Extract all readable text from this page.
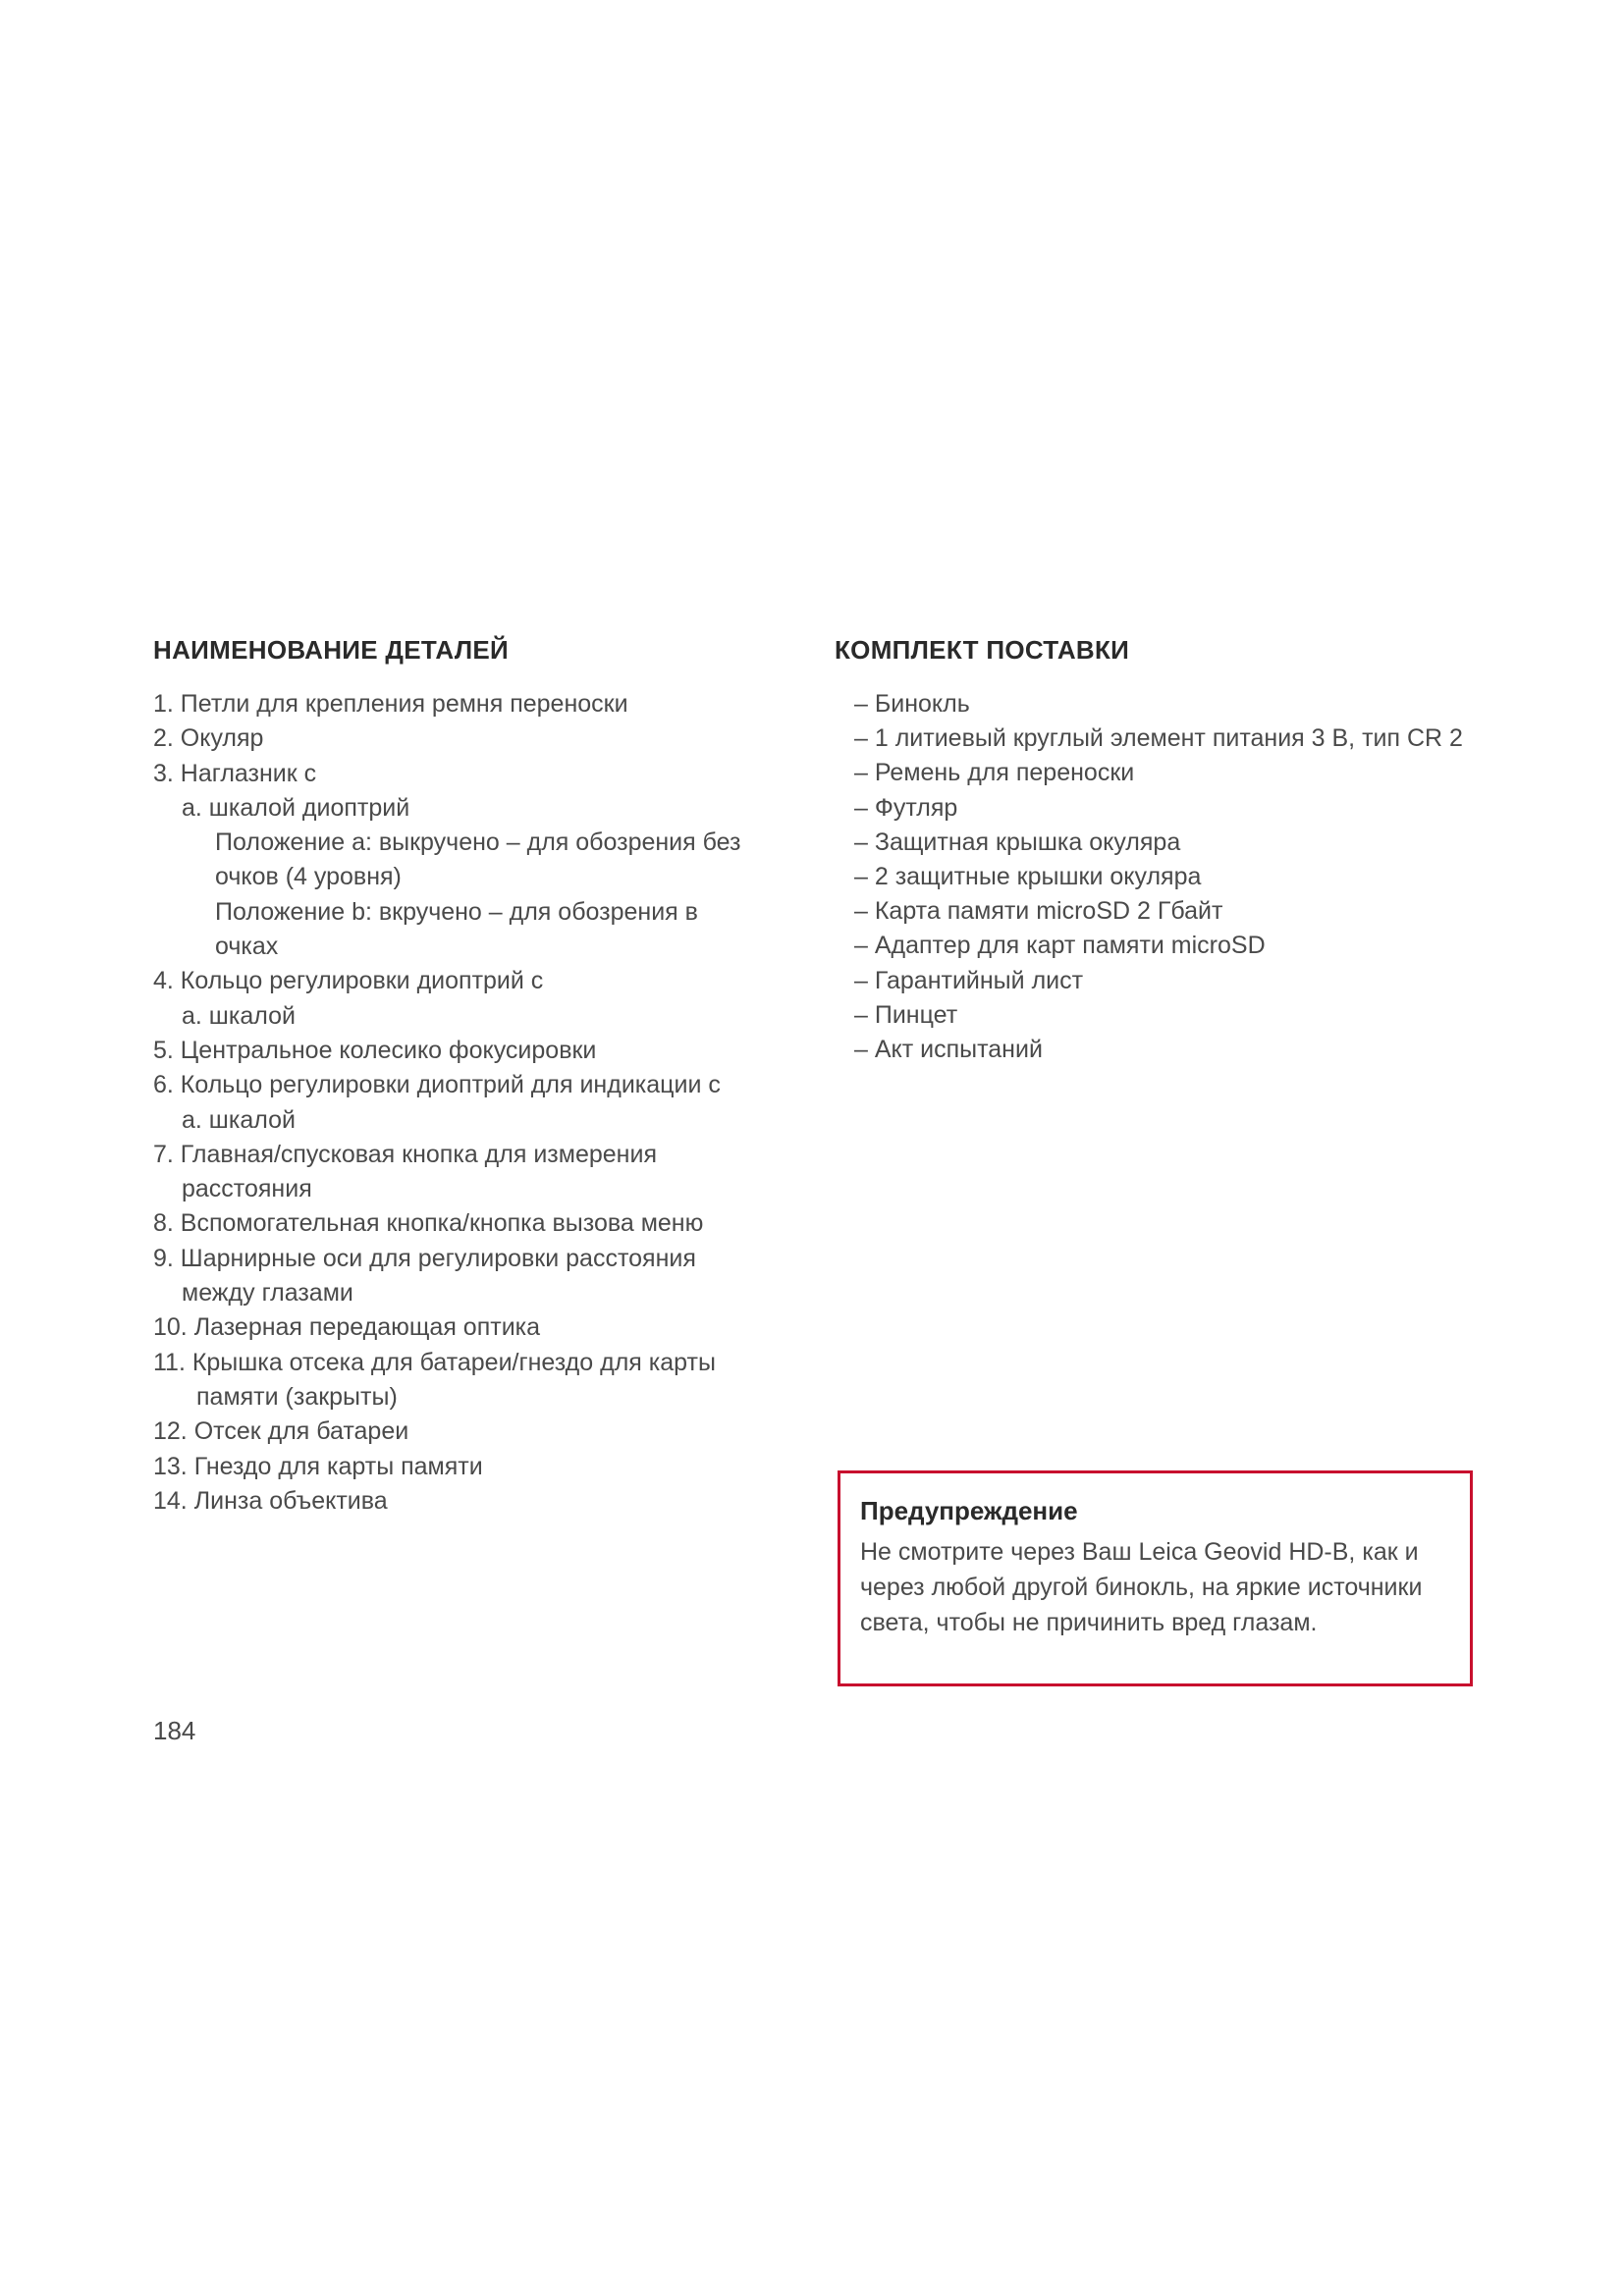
НАИМЕНОВАНИЕ ДЕТАЛЕЙ
1. Петли для крепления ремня переноски
2. Окуляр
3. Наглазник с
a. шкалой диоптрий
Положение a: выкручено – для обозрения без
очков (4 уровня)
Положение b: вкручено – для обозрения в
очках
4. Кольцо регулировки диоптрий с
a. шкалой
5. Центральное колесико фокусировки
6. Кольцо регулировки диоптрий для индикации с
a. шкалой
7. Главная/спусковая кнопка для измерения
расстояния
8. Вспомогательная кнопка/кнопка вызова меню
9. Шарнирные оси для регулировки расстояния
между глазами
10. Лазерная передающая оптика
11. Крышка отсека для батареи/гнездо для карты
памяти (закрыты)
12. Отсек для батареи
13. Гнездо для карты памяти
14. Линза объектива
КОМПЛЕКТ ПОСТАВКИ
– Бинокль
– 1 литиевый круглый элемент питания 3 В, тип CR 2
– Ремень для переноски
– Футляр
– Защитная крышка окуляра
– 2 защитные крышки окуляра
– Карта памяти microSD 2 Гбайт
– Адаптер для карт памяти microSD
– Гарантийный лист
– Пинцет
– Акт испытаний
Предупреждение
Не смотрите через Ваш Leica Geovid HD-B, как и
через любой другой бинокль, на яркие источники
света, чтобы не причинить вред глазам.
184
